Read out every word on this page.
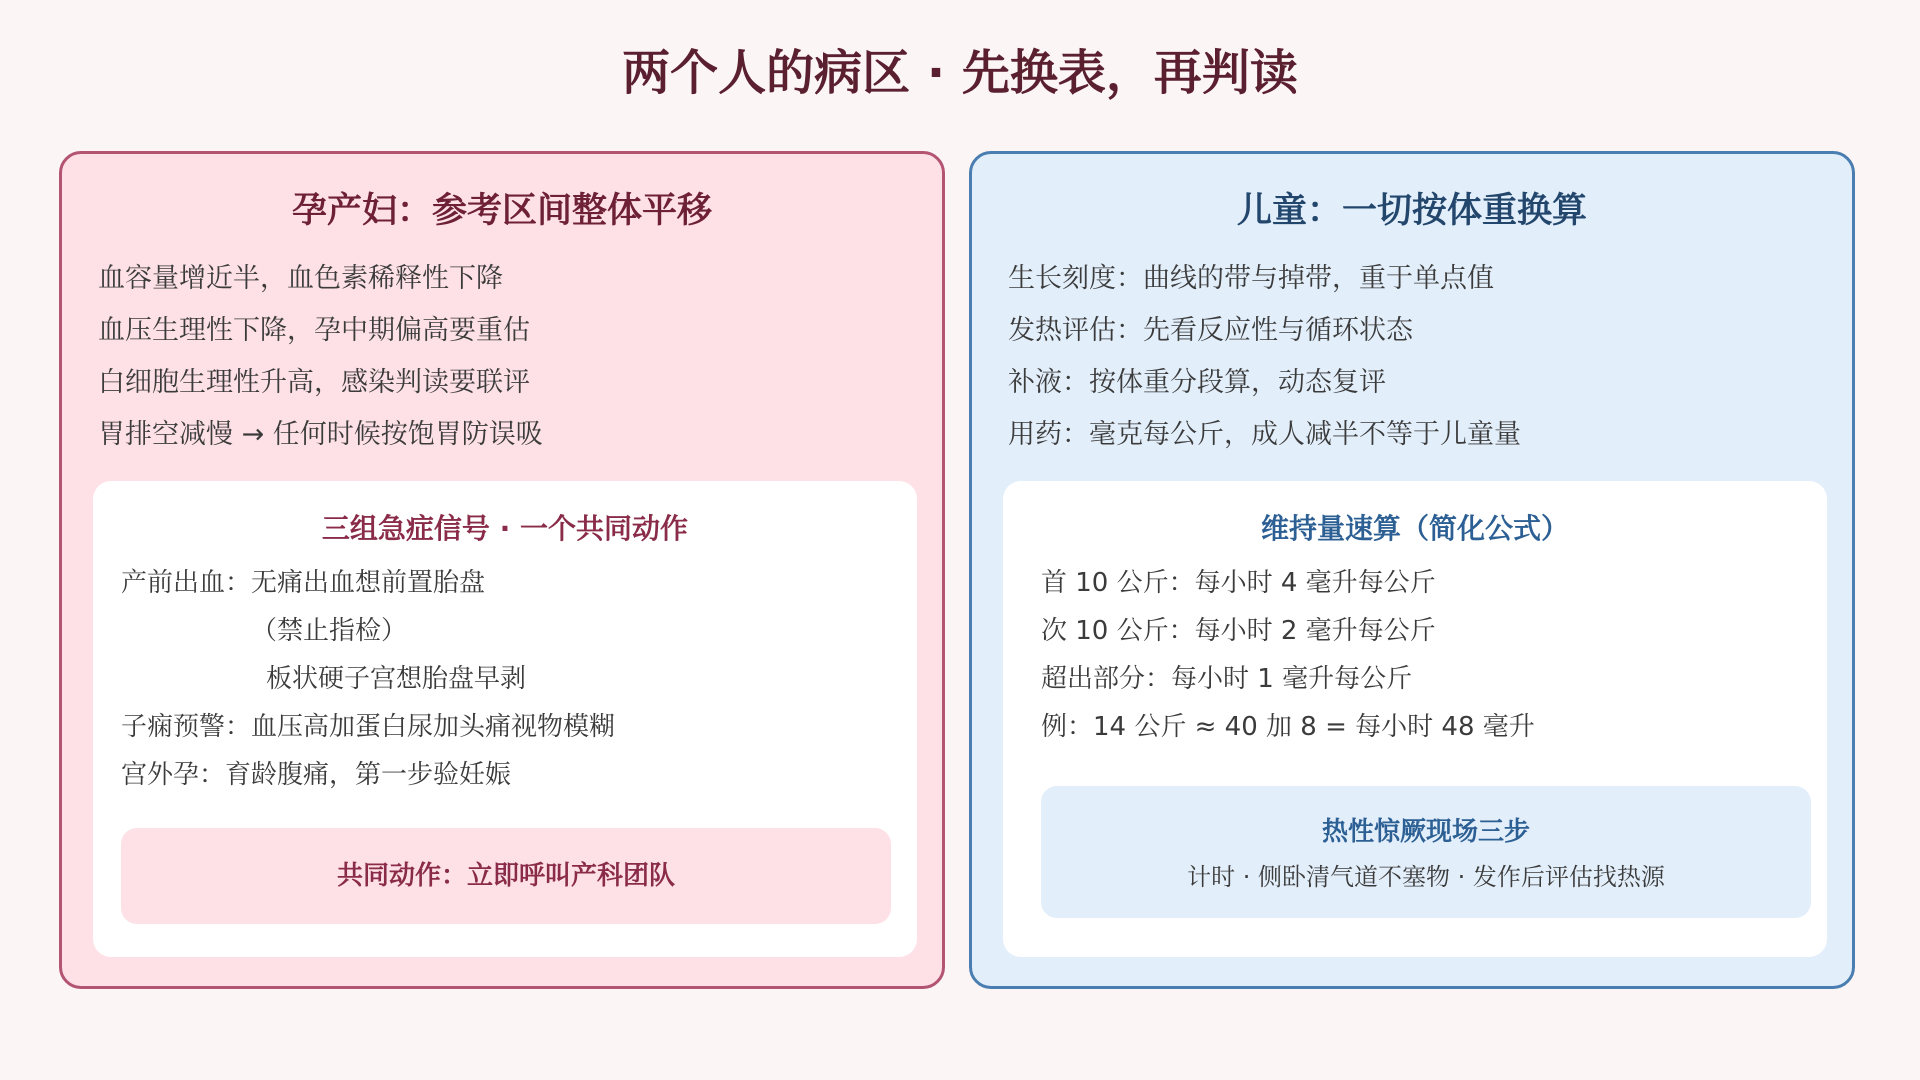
两个人的病区 · 先换表，再判读
孕产妇：参考区间整体平移
血容量增近半，血色素稀释性下降
血压生理性下降，孕中期偏高要重估
白细胞生理性升高，感染判读要联评
胃排空减慢 → 任何时候按饱胃防误吸
三组急症信号 · 一个共同动作
产前出血：无痛出血想前置胎盘
（禁止指检）
板状硬子宫想胎盘早剥
子痫预警：血压高加蛋白尿加头痛视物模糊
宫外孕：育龄腹痛，第一步验妊娠

共同动作：立即呼叫产科团队

儿童：一切按体重换算
生长刻度：曲线的带与掉带，重于单点值
发热评估：先看反应性与循环状态
补液：按体重分段算，动态复评
用药：毫克每公斤，成人减半不等于儿童量
维持量速算（简化公式）
首 10 公斤：每小时 4 毫升每公斤
次 10 公斤：每小时 2 毫升每公斤
超出部分：每小时 1 毫升每公斤
例：14 公斤 ≈ 40 加 8 = 每小时 48 毫升

热性惊厥现场三步

计时 · 侧卧清气道不塞物 · 发作后评估找热源
